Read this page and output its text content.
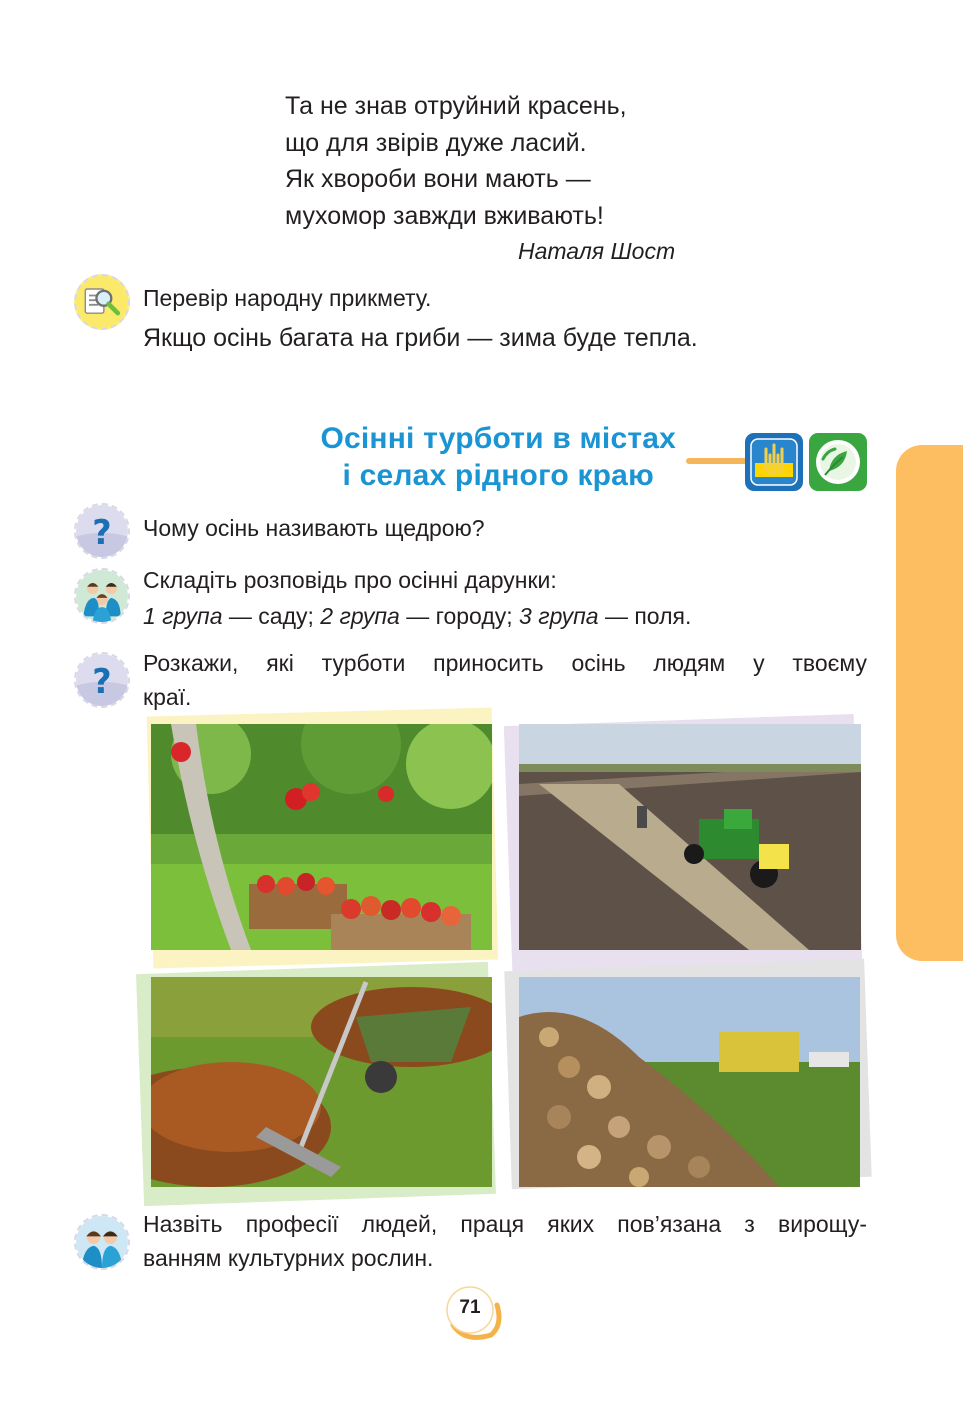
Та не знав отруйний красень,
що для звірів дуже ласий.
Як хвороби вони мають —
мухомор завжди вживають!
Наталя Шост
Перевір народну прикмету.
Якщо осінь багата на гриби — зима буде тепла.
Осінні турботи в містах
і селах рідного краю
? Чому осінь називають щедрою?
Складіть розповідь про осінні дарунки:
1 група — саду; 2 група — городу; 3 група — поля.
? Розкажи, які турботи приносить осінь людям у твоєму
краї.
Назвіть професії людей, праця яких пов’язана з вирощу-
ванням культурних рослин.
71
